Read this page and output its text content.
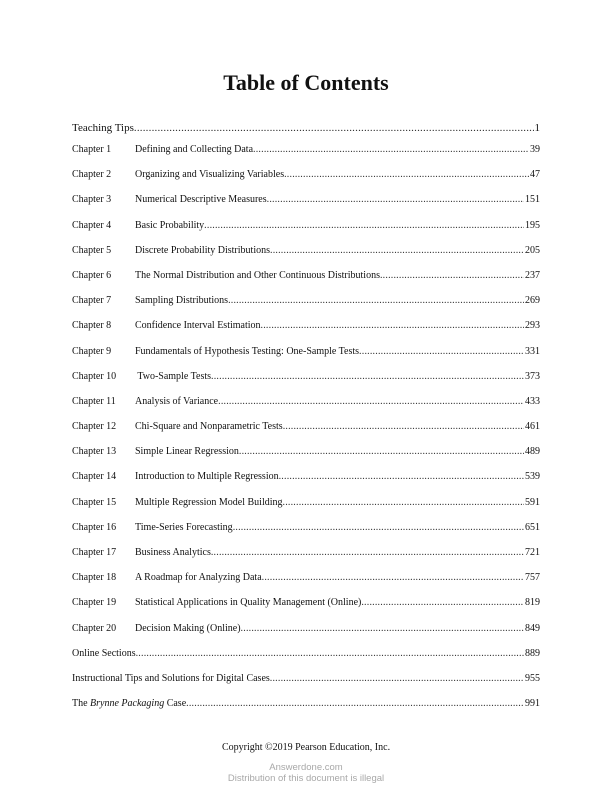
Table of Contents
Teaching Tips .....	1
Chapter 1	Defining and Collecting Data .....	39
Chapter 2	Organizing and Visualizing Variables .....	47
Chapter 3	Numerical Descriptive Measures .....	151
Chapter 4	Basic Probability .....	195
Chapter 5	Discrete Probability Distributions .....	205
Chapter 6	The Normal Distribution and Other Continuous Distributions .....	237
Chapter 7	Sampling Distributions .....	269
Chapter 8	Confidence Interval Estimation .....	293
Chapter 9	Fundamentals of Hypothesis Testing: One-Sample Tests .....	331
Chapter 10	Two-Sample Tests .....	373
Chapter 11	Analysis of Variance .....	433
Chapter 12	Chi-Square and Nonparametric Tests .....	461
Chapter 13	Simple Linear Regression .....	489
Chapter 14	Introduction to Multiple Regression .....	539
Chapter 15	Multiple Regression Model Building .....	591
Chapter 16	Time-Series Forecasting .....	651
Chapter 17	Business Analytics .....	721
Chapter 18	A Roadmap for Analyzing Data .....	757
Chapter 19	Statistical Applications in Quality Management (Online) .....	819
Chapter 20	Decision Making (Online) .....	849
Online Sections .....	889
Instructional Tips and Solutions for Digital Cases .....	955
The Brynne Packaging Case .....	991
Copyright ©2019 Pearson Education, Inc.
Answerdone.com
Distribution of this document is illegal
